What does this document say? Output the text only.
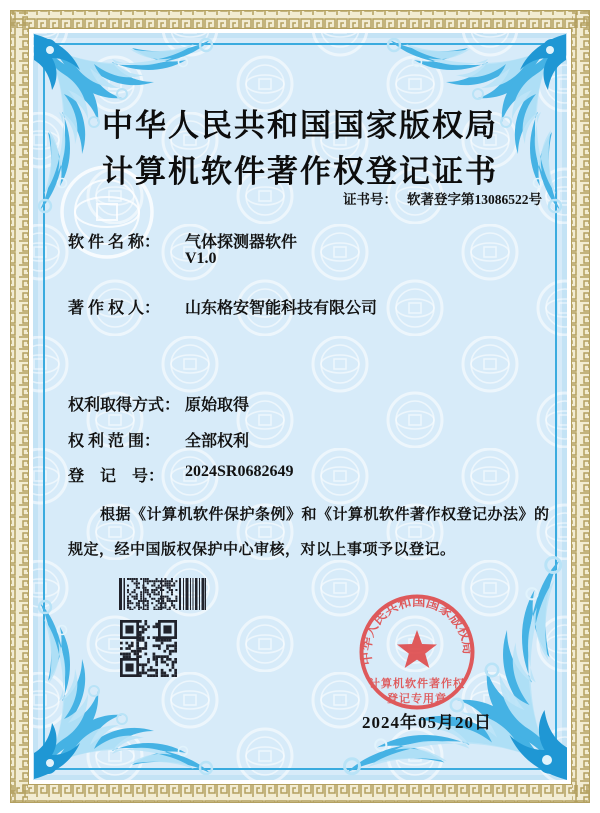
中华人民共和国国家版权局
计算机软件著作权登记证书
证书号： 软著登字第13086522号
软 件 名 称： 气体探测器软件
V1.0
著 作 权 人： 山东格安智能科技有限公司
权利取得方式： 原始取得
权 利 范 围： 全部权利
登　记　号： 2024SR0682649
根据《计算机软件保护条例》和《计算机软件著作权登记办法》的
规定，经中国版权保护中心审核，对以上事项予以登记。
中华人民共和国国家版权局
计算机软件著作权
登记专用章
2024年05月20日
